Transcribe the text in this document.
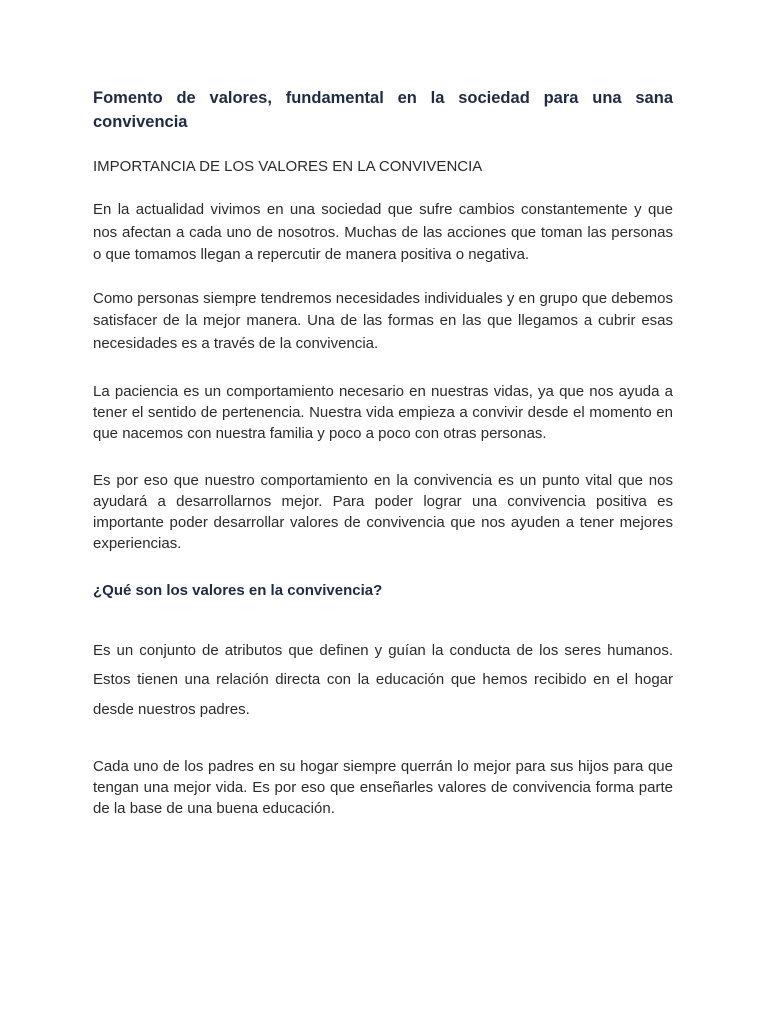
Fomento de valores, fundamental en la sociedad para una sana convivencia

IMPORTANCIA DE LOS VALORES EN LA CONVIVENCIA

En la actualidad vivimos en una sociedad que sufre cambios constantemente y que nos afectan a cada uno de nosotros. Muchas de las acciones que toman las personas o que tomamos llegan a repercutir de manera positiva o negativa.

Como personas siempre tendremos necesidades individuales y en grupo que debemos satisfacer de la mejor manera. Una de las formas en las que llegamos a cubrir esas necesidades es a través de la convivencia.

La paciencia es un comportamiento necesario en nuestras vidas, ya que nos ayuda a tener el sentido de pertenencia. Nuestra vida empieza a convivir desde el momento en que nacemos con nuestra familia y poco a poco con otras personas.

Es por eso que nuestro comportamiento en la convivencia es un punto vital que nos ayudará a desarrollarnos mejor. Para poder lograr una convivencia positiva es importante poder desarrollar valores de convivencia que nos ayuden a tener mejores experiencias.

¿Qué son los valores en la convivencia?

Es un conjunto de atributos que definen y guían la conducta de los seres humanos. Estos tienen una relación directa con la educación que hemos recibido en el hogar desde nuestros padres.

Cada uno de los padres en su hogar siempre querrán lo mejor para sus hijos para que tengan una mejor vida. Es por eso que enseñarles valores de convivencia forma parte de la base de una buena educación.
